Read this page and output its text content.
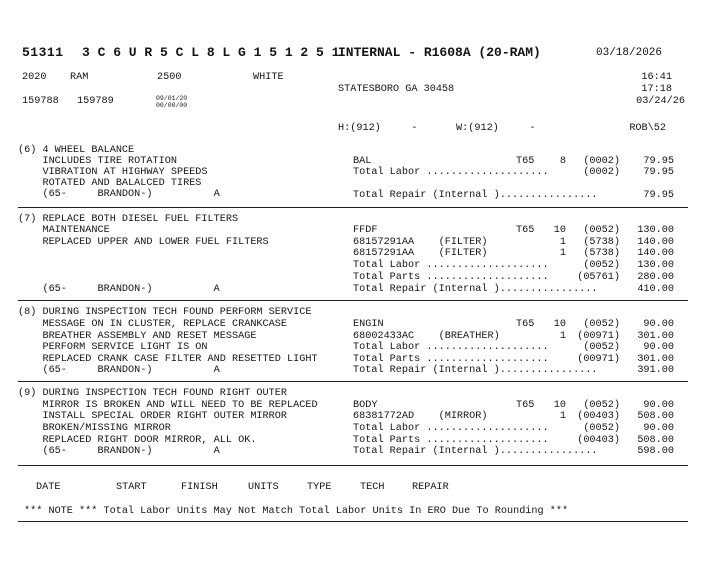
51311 3 C 6 U R 5 C L 8 L G 1 5 1 2 5 1
INTERNAL - R1608A (20-RAM)	03/18/2026
2020 RAM	2500	WHITE	16:41
STATESBORO GA 30458	17:18
159788 159789	09/01/20
00/00/00	03/24/26
H:(912)     -	W:(912)     -	ROB\52
(6) 4 WHEEL BALANCE
INCLUDES TIRE ROTATION
VIBRATION AT HIGHWAY SPEEDS
ROTATED AND BALALCED TIRES
(65-     BRANDON-)          A
BAL	T65	8	(0002)	79.95
Total Labor ....................	(0002)	79.95
Total Repair (Internal )................	79.95
(7) REPLACE BOTH DIESEL FUEL FILTERS
MAINTENANCE
REPLACED UPPER AND LOWER FUEL FILTERS
(65-     BRANDON-)          A
FFDF	T65	10	(0052)	130.00
68157291AA    (FILTER)	1	(5738)	140.00
68157291AA    (FILTER)	1	(5738)	140.00
Total Labor ....................	(0052)	130.00
Total Parts ....................	(05761)	280.00
Total Repair (Internal )................	410.00
(8) DURING INSPECTION TECH FOUND PERFORM SERVICE
MESSAGE ON IN CLUSTER, REPLACE CRANKCASE
BREATHER ASSEMBLY AND RESET MESSAGE
PERFORM SERVICE LIGHT IS ON
REPLACED CRANK CASE FILTER AND RESETTED LIGHT
(65-     BRANDON-)          A
ENGIN	T65	10	(0052)	90.00
68002433AC    (BREATHER)	1	(00971)	301.00
Total Labor ....................	(0052)	90.00
Total Parts ....................	(00971)	301.00
Total Repair (Internal )................	391.00
(9) DURING INSPECTION TECH FOUND RIGHT OUTER
MIRROR IS BROKEN AND WILL NEED TO BE REPLACED
INSTALL SPECIAL ORDER RIGHT OUTER MIRROR
BROKEN/MISSING MIRROR
REPLACED RIGHT DOOR MIRROR, ALL OK.
(65-     BRANDON-)          A
BODY	T65	10	(0052)	90.00
68381772AD    (MIRROR)	1	(00403)	508.00
Total Labor ....................	(0052)	90.00
Total Parts ....................	(00403)	508.00
Total Repair (Internal )................	598.00
DATE	START	FINISH	UNITS	TYPE	TECH	REPAIR
*** NOTE *** Total Labor Units May Not Match Total Labor Units In ERO Due To Rounding ***
